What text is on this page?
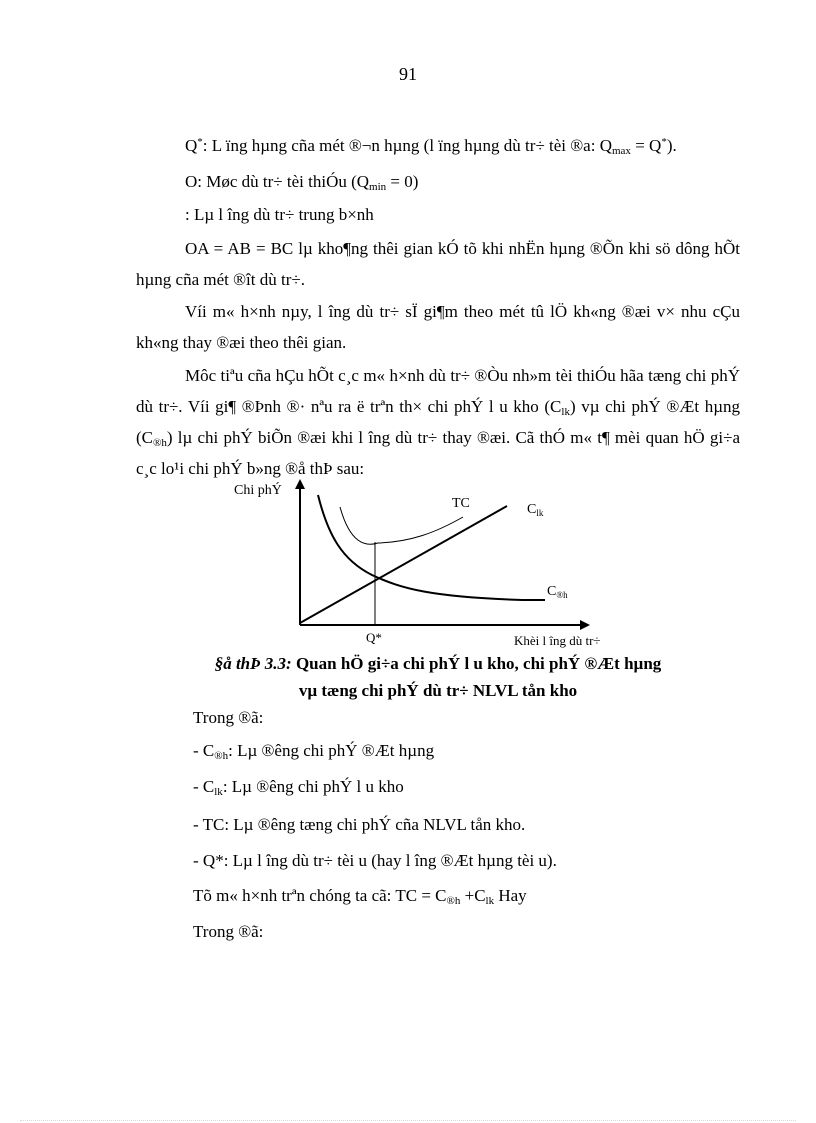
91

Q*: L ïng hµng cña mét ®¬n hµng (l ïng hµng dù tr÷ tèi ®a: $Q_{max} = Q^*$).

O: Møc dù tr÷ tèi thiÓu $(Q_{min} = 0)$

: Lµ l îng dù tr÷ trung b×nh

OA = AB = BC lµ kho¶ng thêi gian kÓ tõ khi nhËn hµng ®Õn khi sö dông hÕt hµng cña mét ®ît dù tr÷.

Víi m« h×nh nµy, l îng dù tr÷ sÏ gi¶m theo mét tû lÖ kh«ng ®æi v× nhu cÇu kh«ng thay ®æi theo thêi gian.

Môc tiªu cña hÇu hÕt c¸c m« h×nh dù tr÷ ®Òu nh»m tèi thiÓu hãa tæng chi phÝ dù tr÷. Víi gi¶ ®Þnh ®· nªu ra ë trªn th× chi phÝ l u kho $(C_{lk})$ vµ chi phÝ ®Æt hµng $(C_{®h})$ lµ chi phÝ biÕn ®æi khi l îng dù tr÷ thay ®æi. Cã thÓ m« t¶ mèi quan hÖ gi÷a c¸c lo¹i chi phÝ b»ng ®å thÞ sau:

Chi phÝ
TC	$C_{lk}$
$C_{®h}$
Q*	Khèi l îng dù tr÷

§å thÞ 3.3: Quan hÖ gi÷a chi phÝ l u kho, chi phÝ ®Æt hµng

vµ tæng chi phÝ dù tr÷ NLVL tån kho

Trong ®ã:

- $C_{®h}$: Lµ ®êng chi phÝ ®Æt hµng

- $C_{lk}$: Lµ ®êng chi phÝ l u kho

- TC: Lµ ®êng tæng chi phÝ cña NLVL tån kho.

- Q*: Lµ l îng dù tr÷ tèi u (hay l îng ®Æt hµng tèi u).

Tõ m« h×nh trªn chóng ta cã: TC = $C_{®h} +C_{lk}$ Hay

Trong ®ã:
